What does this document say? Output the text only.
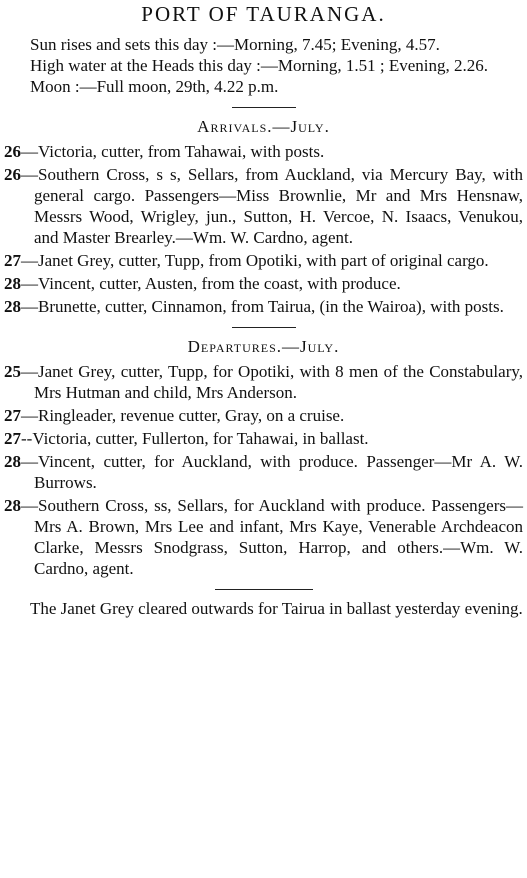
PORT OF TAURANGA.

Sun rises and sets this day :—Morning, 7.45; Evening, 4.57.

High water at the Heads this day :—Morning, 1.51 ; Evening, 2.26.

Moon :—Full moon, 29th, 4.22 p.m.

Arrivals.—July.

26—Victoria, cutter, from Tahawai, with posts.

26—Southern Cross, s s, Sellars, from Auckland, via Mercury Bay, with general cargo. Passengers—Miss Brownlie, Mr and Mrs Hensnaw, Messrs Wood, Wrigley, jun., Sutton, H. Vercoe, N. Isaacs, Venukou, and Master Brearley.—Wm. W. Cardno, agent.

27—Janet Grey, cutter, Tupp, from Opotiki, with part of original cargo.

28—Vincent, cutter, Austen, from the coast, with produce.

28—Brunette, cutter, Cinnamon, from Tairua, (in the Wairoa), with posts.

Departures.—July.

25—Janet Grey, cutter, Tupp, for Opotiki, with 8 men of the Constabulary, Mrs Hutman and child, Mrs Anderson.

27—Ringleader, revenue cutter, Gray, on a cruise.

27--Victoria, cutter, Fullerton, for Tahawai, in ballast.

28—Vincent, cutter, for Auckland, with produce. Passenger—Mr A. W. Burrows.

28—Southern Cross, ss, Sellars, for Auckland with produce. Passengers—Mrs A. Brown, Mrs Lee and infant, Mrs Kaye, Venerable Archdeacon Clarke, Messrs Snodgrass, Sutton, Harrop, and others.—Wm. W. Cardno, agent.

The Janet Grey cleared outwards for Tairua in ballast yesterday evening.
